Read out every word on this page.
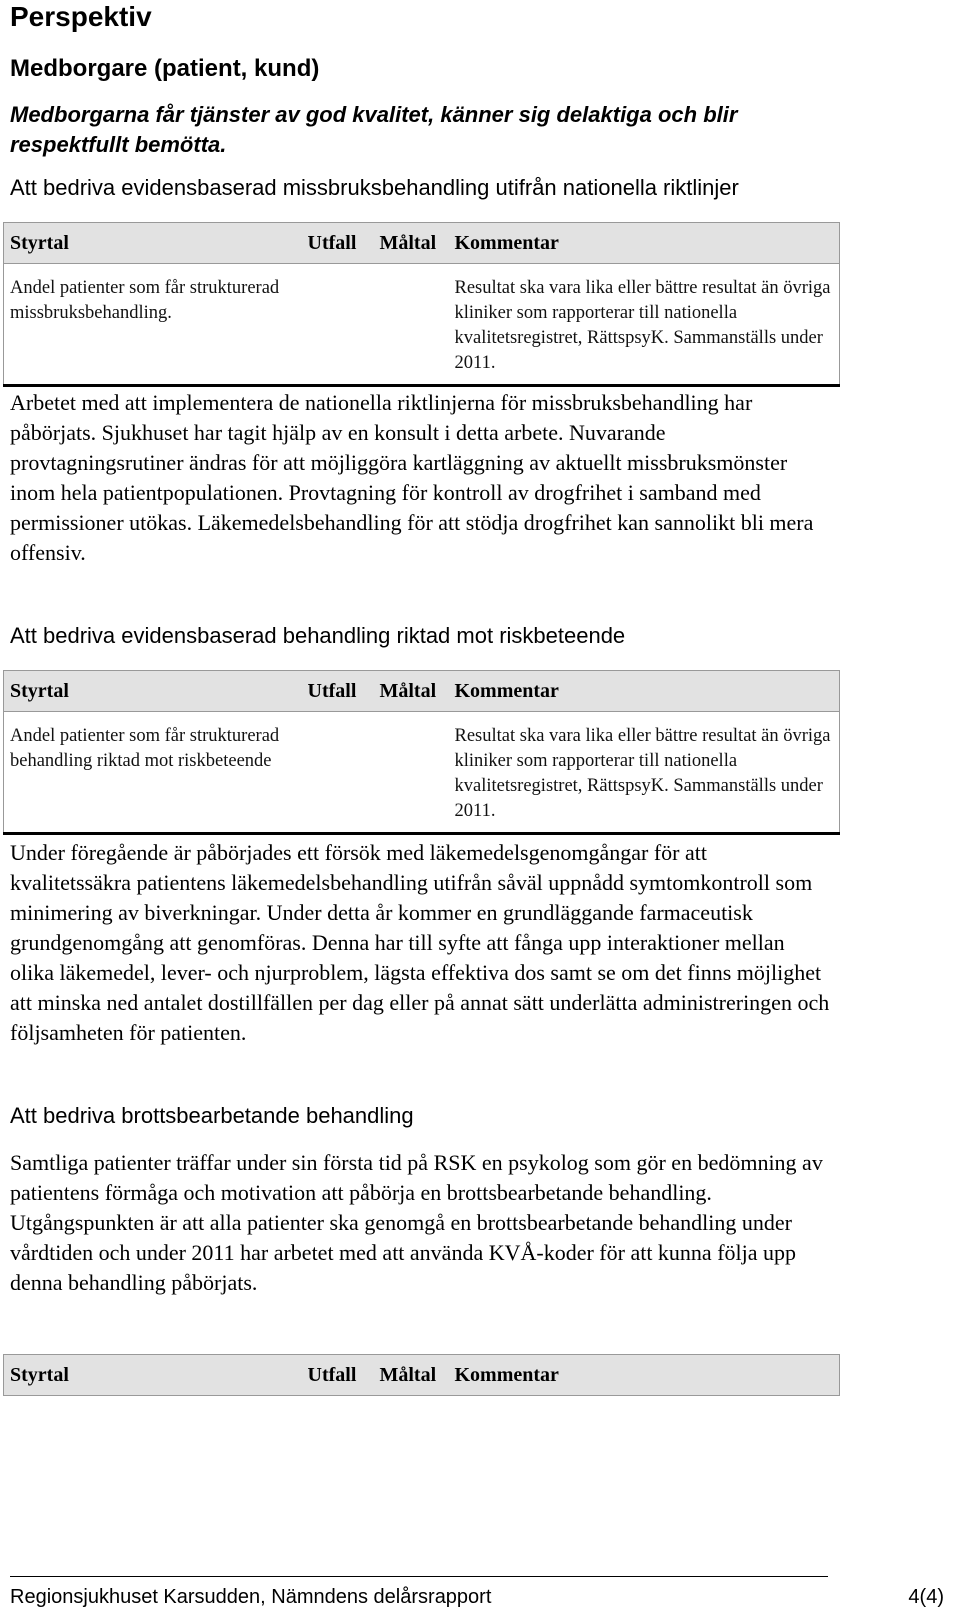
Perspektiv
Medborgare (patient, kund)
Medborgarna får tjänster av god kvalitet, känner sig delaktiga och blir respektfullt bemötta.
Att bedriva evidensbaserad missbruksbehandling utifrån nationella riktlinjer
Styrtal	Utfall	Måltal	Kommentar
Andel patienter som får strukturerad missbruksbehandling.			Resultat ska vara lika eller bättre resultat än övriga kliniker som rapporterar till nationella kvalitetsregistret, RättspsyK. Sammanställs under 2011.
Arbetet med att implementera de nationella riktlinjerna för missbruksbehandling har påbörjats. Sjukhuset har tagit hjälp av en konsult i detta arbete. Nuvarande provtagningsrutiner ändras för att möjliggöra kartläggning av aktuellt missbruksmönster inom hela patientpopulationen. Provtagning för kontroll av drogfrihet i samband med permissioner utökas. Läkemedelsbehandling för att stödja drogfrihet kan sannolikt bli mera offensiv.
Att bedriva evidensbaserad behandling riktad mot riskbeteende
Styrtal	Utfall	Måltal	Kommentar
Andel patienter som får strukturerad behandling riktad mot riskbeteende			Resultat ska vara lika eller bättre resultat än övriga kliniker som rapporterar till nationella kvalitetsregistret, RättspsyK. Sammanställs under 2011.
Under föregående är påbörjades ett försök med läkemedelsgenomgångar för att kvalitetssäkra patientens läkemedelsbehandling utifrån såväl uppnådd symtomkontroll som minimering av biverkningar. Under detta år kommer en grundläggande farmaceutisk grundgenomgång att genomföras. Denna har till syfte att fånga upp interaktioner mellan olika läkemedel, lever- och njurproblem, lägsta effektiva dos samt se om det finns möjlighet att minska ned antalet dostillfällen per dag eller på annat sätt underlätta administreringen och följsamheten för patienten.
Att bedriva brottsbearbetande behandling
Samtliga patienter träffar under sin första tid på RSK en psykolog som gör en bedömning av patientens förmåga och motivation att påbörja en brottsbearbetande behandling. Utgångspunkten är att alla patienter ska genomgå en brottsbearbetande behandling under vårdtiden och under 2011 har arbetet med att använda KVÅ-koder för att kunna följa upp denna behandling påbörjats.
Styrtal	Utfall	Måltal	Kommentar
Regionsjukhuset Karsudden, Nämndens delårsrapport	4(4)
